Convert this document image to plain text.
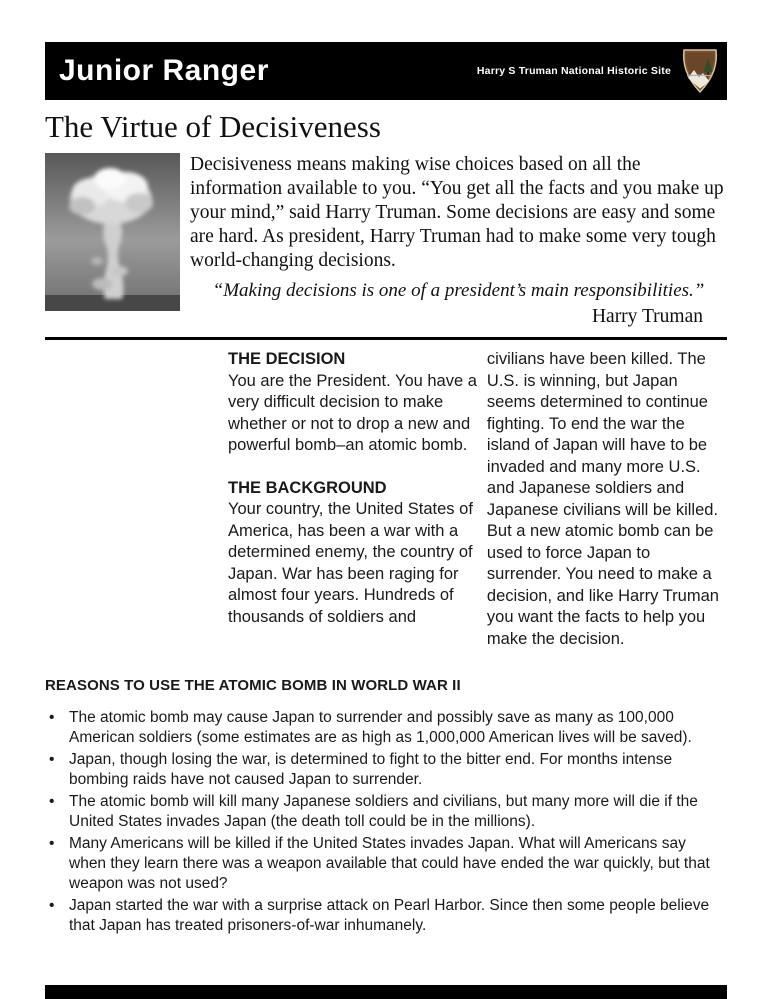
Junior Ranger	Harry S Truman National Historic Site
The Virtue of Decisiveness

Decisiveness means making wise choices based on all the information available to you. “You get all the facts and you make up your mind,” said Harry Truman. Some decisions are easy and some are hard. As president, Harry Truman had to make some very tough world-changing decisions.

“Making decisions is one of a president’s main responsibilities.”
Harry Truman

THE DECISION

You are the President. You have a very difficult decision to make whether or not to drop a new and powerful bomb–an atomic bomb.

THE BACKGROUND

Your country, the United States of America, has been a war with a determined enemy, the country of Japan. War has been raging for almost four years. Hundreds of thousands of soldiers and

civilians have been killed. The U.S. is winning, but Japan seems determined to continue fighting. To end the war the island of Japan will have to be invaded and many more U.S. and Japanese soldiers and Japanese civilians will be killed. But a new atomic bomb can be used to force Japan to surrender. You need to make a decision, and like Harry Truman you want the facts to help you make the decision.

REASONS TO USE THE ATOMIC BOMB IN WORLD WAR II
• The atomic bomb may cause Japan to surrender and possibly save as many as 100,000 American soldiers (some estimates are as high as 1,000,000 American lives will be saved).
• Japan, though losing the war, is determined to fight to the bitter end. For months intense bombing raids have not caused Japan to surrender.
• The atomic bomb will kill many Japanese soldiers and civilians, but many more will die if the United States invades Japan (the death toll could be in the millions).
• Many Americans will be killed if the United States invades Japan. What will Americans say when they learn there was a weapon available that could have ended the war quickly, but that weapon was not used?
• Japan started the war with a surprise attack on Pearl Harbor. Since then some people believe that Japan has treated prisoners-of-war inhumanely.
